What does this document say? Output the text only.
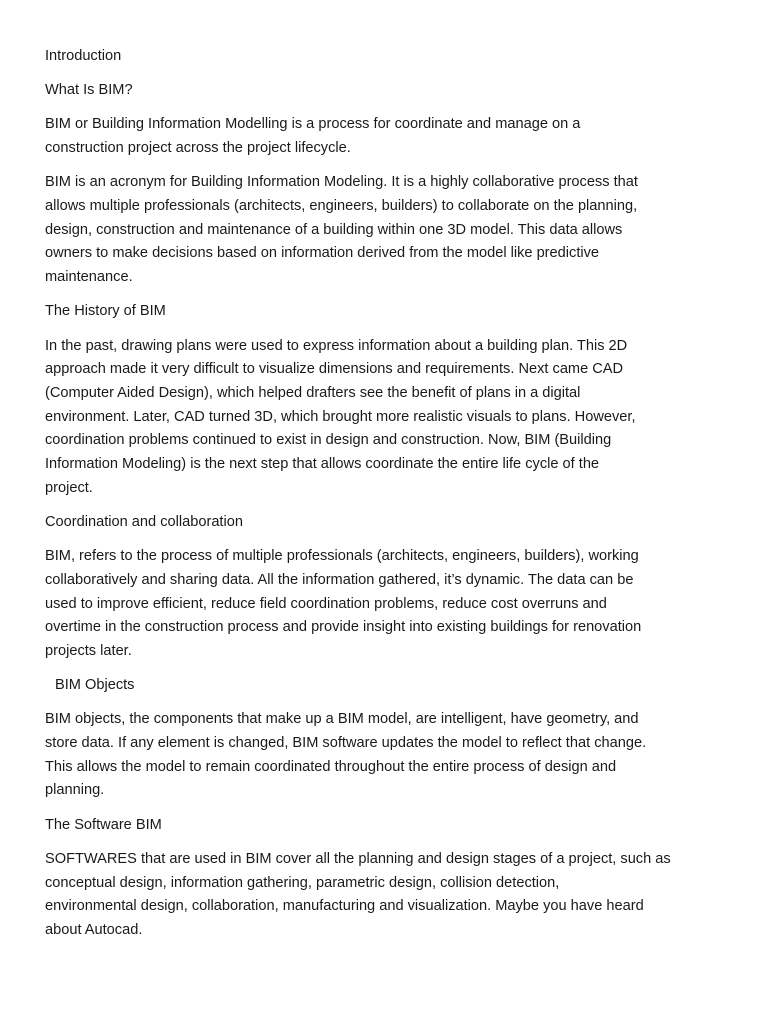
Introduction
What Is BIM?
BIM or Building Information Modelling is a process for coordinate and manage on a
construction project across the project lifecycle.
BIM is an acronym for Building Information Modeling. It is a highly collaborative process that
allows multiple professionals (architects, engineers, builders) to collaborate on the planning,
design, construction and maintenance of a building within one 3D model. This data allows
owners to make decisions based on information derived from the model like predictive
maintenance.
The History of BIM
In the past, drawing plans were used to express information about a building plan. This 2D
approach made it very difficult to visualize dimensions and requirements. Next came CAD
(Computer Aided Design), which helped drafters see the benefit of plans in a digital
environment. Later, CAD turned 3D, which brought more realistic visuals to plans. However,
coordination problems continued to exist in design and construction. Now, BIM (Building
Information Modeling) is the next step that allows coordinate the entire life cycle of the
project.
Coordination and collaboration
BIM, refers to the process of multiple professionals (architects, engineers, builders), working
collaboratively and sharing data. All the information gathered, it’s dynamic. The data can be
used to improve efficient, reduce field coordination problems, reduce cost overruns and
overtime in the construction process and provide insight into existing buildings for renovation
projects later.
BIM Objects
BIM objects, the components that make up a BIM model, are intelligent, have geometry, and
store data. If any element is changed, BIM software updates the model to reflect that change.
This allows the model to remain coordinated throughout the entire process of design and
planning.
The Software BIM
SOFTWARES that are used in BIM cover all the planning and design stages of a project, such as
conceptual design, information gathering, parametric design, collision detection,
environmental design, collaboration, manufacturing and visualization. Maybe you have heard
about Autocad.
